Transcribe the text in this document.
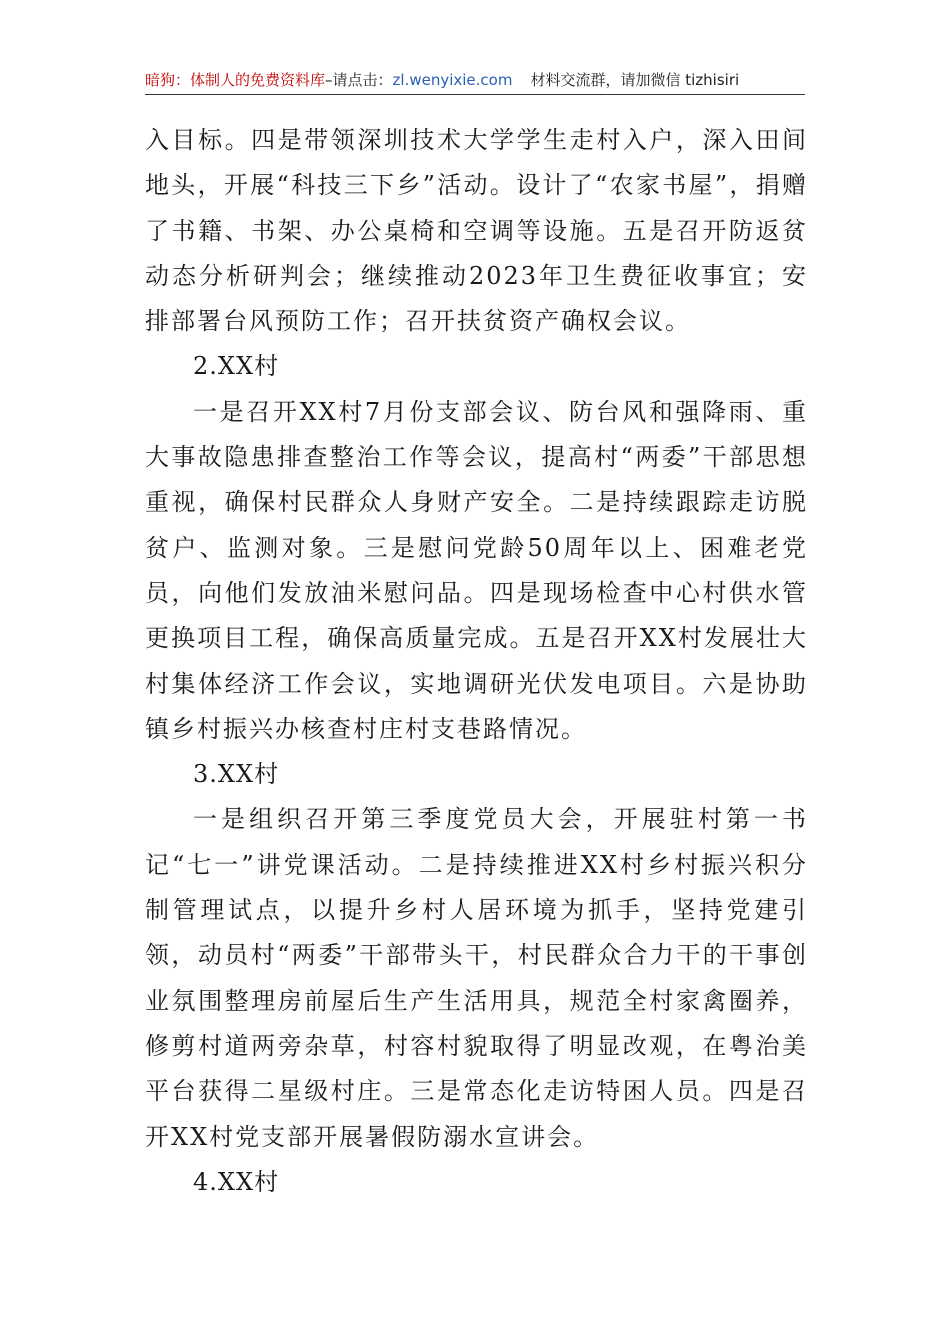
暗狗：体制人的免费资料库–请点击：zl.wenyixie.com 材料交流群，请加微信 tizhisiri

入目标。四是带领深圳技术大学学生走村入户，深入田间地头，开展“科技三下乡”活动。设计了“农家书屋”，捐赠了书籍、书架、办公桌椅和空调等设施。五是召开防返贫动态分析研判会；继续推动2023年卫生费征收事宜；安排部署台风预防工作；召开扶贫资产确权会议。

2.XX村

一是召开XX村7月份支部会议、防台风和强降雨、重大事故隐患排查整治工作等会议，提高村“两委”干部思想重视，确保村民群众人身财产安全。二是持续跟踪走访脱贫户、监测对象。三是慰问党龄50周年以上、困难老党员，向他们发放油米慰问品。四是现场检查中心村供水管更换项目工程，确保高质量完成。五是召开XX村发展壮大村集体经济工作会议，实地调研光伏发电项目。六是协助镇乡村振兴办核查村庄村支巷路情况。

3.XX村

一是组织召开第三季度党员大会，开展驻村第一书记“七一”讲党课活动。二是持续推进XX村乡村振兴积分制管理试点，以提升乡村人居环境为抓手，坚持党建引领，动员村“两委”干部带头干，村民群众合力干的干事创业氛围整理房前屋后生产生活用具，规范全村家禽圈养，修剪村道两旁杂草，村容村貌取得了明显改观，在粤治美平台获得二星级村庄。三是常态化走访特困人员。四是召开XX村党支部开展暑假防溺水宣讲会。

4.XX村
